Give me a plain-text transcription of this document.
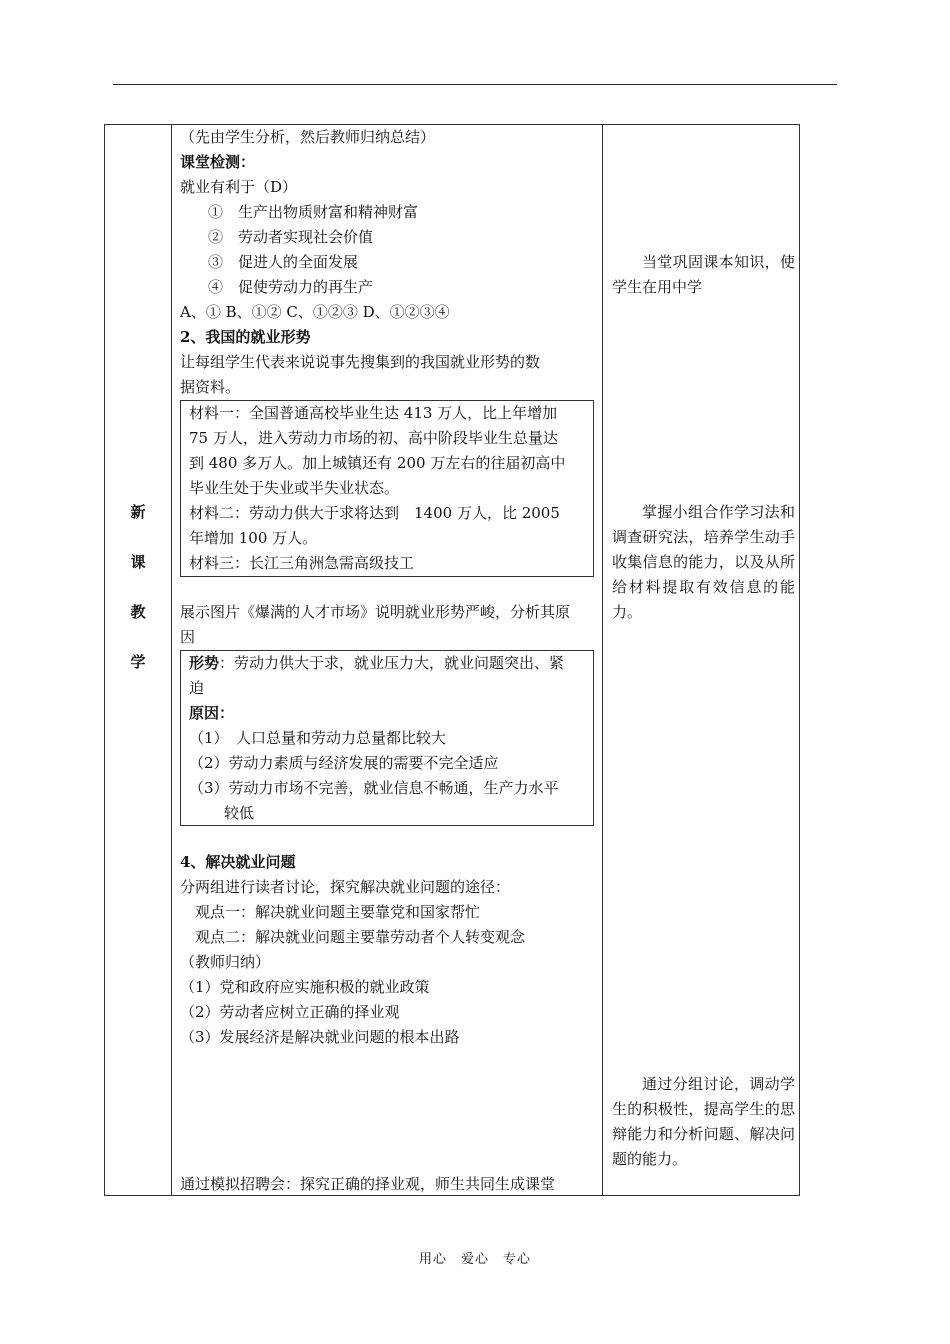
新
课
教
学
（先由学生分析，然后教师归纳总结）
课堂检测：
就业有利于（D）
①　生产出物质财富和精神财富
②　劳动者实现社会价值
③　促进人的全面发展
④　促使劳动力的再生产
A、① B、①② C、①②③ D、①②③④
2、我国的就业形势
让每组学生代表来说说事先搜集到的我国就业形势的数
据资料。
材料一：全国普通高校毕业生达 413 万人，比上年增加
75 万人，进入劳动力市场的初、高中阶段毕业生总量达
到 480 多万人。加上城镇还有 200 万左右的往届初高中
毕业生处于失业或半失业状态。
材料二：劳动力供大于求将达到　1400 万人，比 2005
年增加 100 万人。
材料三：长江三角洲急需高级技工
展示图片《爆满的人才市场》说明就业形势严峻，分析其原
因
形势：劳动力供大于求，就业压力大，就业问题突出、紧
迫
原因：
（1）　人口总量和劳动力总量都比较大
（2）劳动力素质与经济发展的需要不完全适应
（3）劳动力市场不完善，就业信息不畅通，生产力水平
较低
4、解决就业问题
分两组进行读者讨论，探究解决就业问题的途径：
观点一：解决就业问题主要靠党和国家帮忙
观点二：解决就业问题主要靠劳动者个人转变观念
（教师归纳）
（1）党和政府应实施积极的就业政策
（2）劳动者应树立正确的择业观
（3）发展经济是解决就业问题的根本出路
通过模拟招聘会：探究正确的择业观，师生共同生成课堂

当堂巩固课本知识，使学生在用中学

掌握小组合作学习法和调查研究法，培养学生动手收集信息的能力，以及从所给材料提取有效信息的能力。

通过分组讨论，调动学生的积极性，提高学生的思辩能力和分析问题、解决问题的能力。

用心　爱心　专心
